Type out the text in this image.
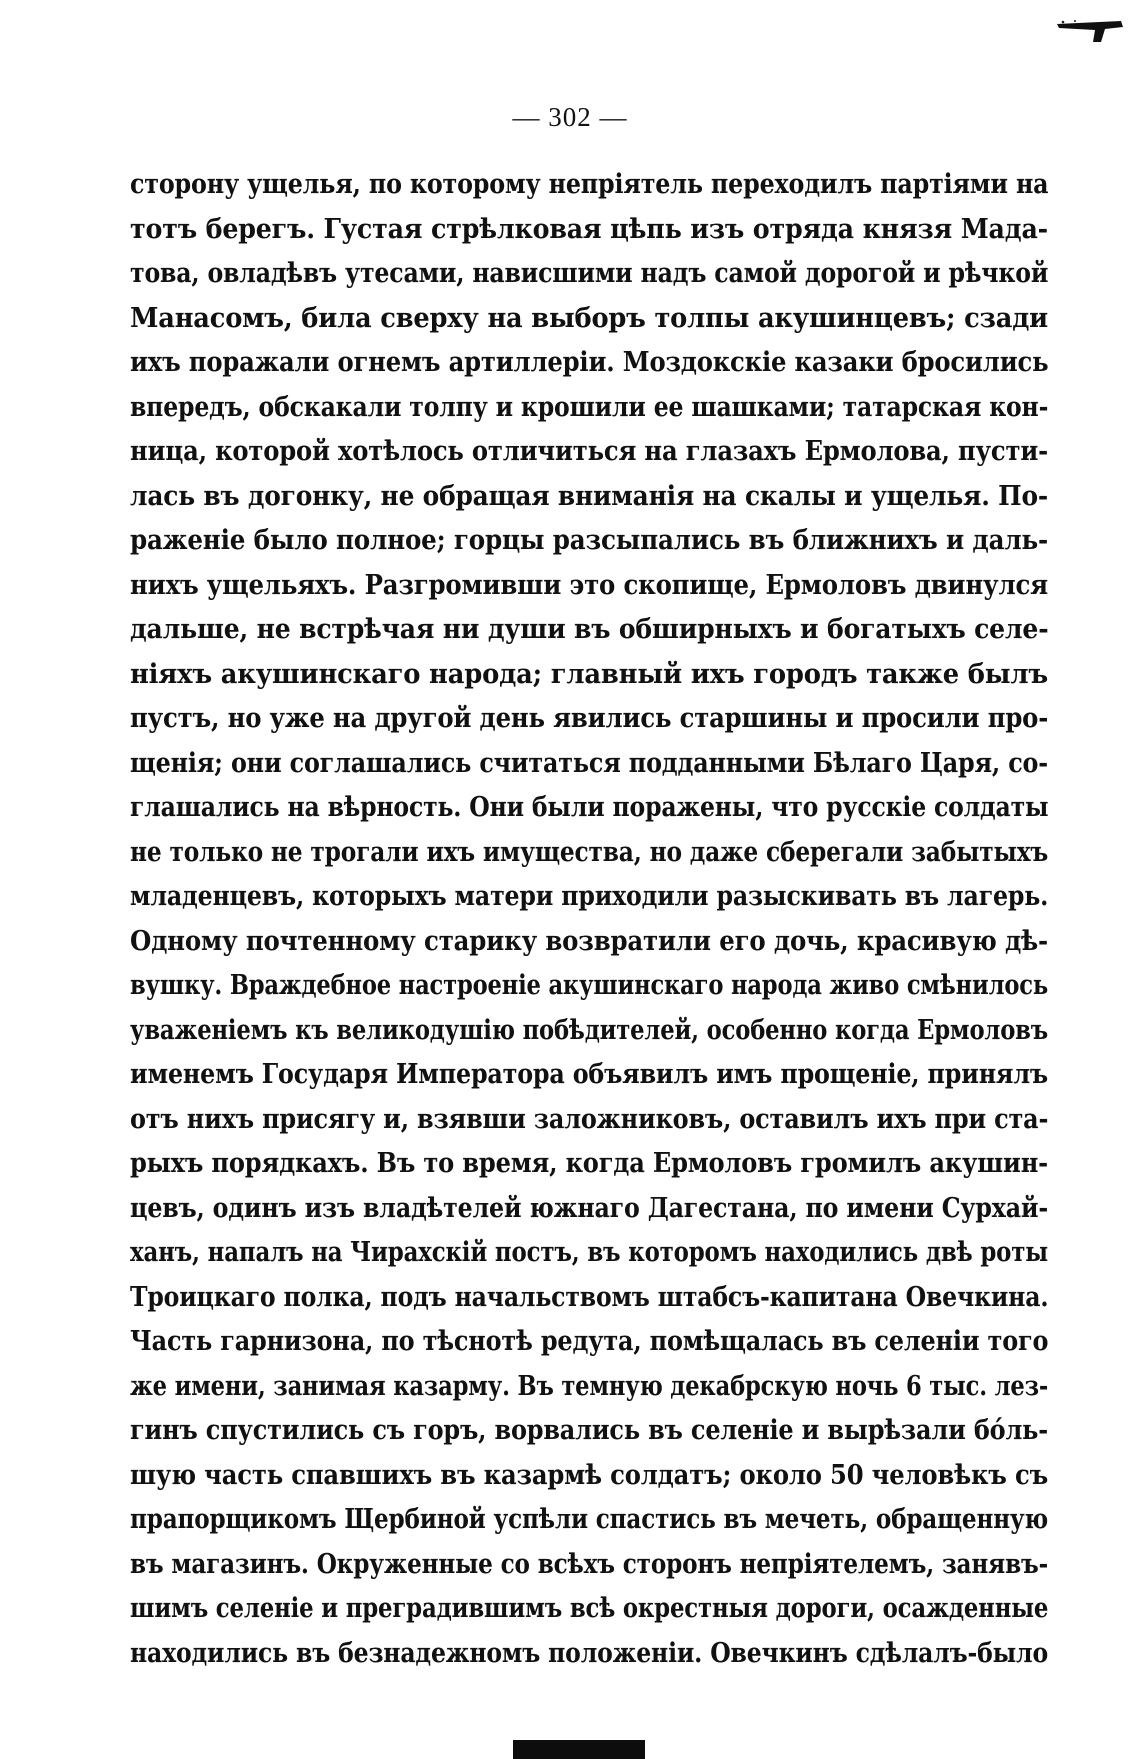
— 302 —
сторону ущелья, по которому непріятель переходилъ партіями на
тотъ берегъ. Густая стрѣлковая цѣпь изъ отряда князя Мада-
това, овладѣвъ утесами, нависшими надъ самой дорогой и рѣчкой
Манасомъ, била сверху на выборъ толпы акушинцевъ; сзади
ихъ поражали огнемъ артиллеріи. Моздокскіе казаки бросились
впередъ, обскакали толпу и крошили ее шашками; татарская кон-
ница, которой хотѣлось отличиться на глазахъ Ермолова, пусти-
лась въ догонку, не обращая вниманія на скалы и ущелья. По-
раженіе было полное; горцы разсыпались въ ближнихъ и даль-
нихъ ущельяхъ. Разгромивши это скопище, Ермоловъ двинулся
дальше, не встрѣчая ни души въ обширныхъ и богатыхъ селе-
ніяхъ акушинскаго народа; главный ихъ городъ также былъ
пустъ, но уже на другой день явились старшины и просили про-
щенія; они соглашались считаться подданными Бѣлаго Царя, со-
глашались на вѣрность. Они были поражены, что русскіе солдаты
не только не трогали ихъ имущества, но даже сберегали забытыхъ
младенцевъ, которыхъ матери приходили разыскивать въ лагерь.
Одному почтенному старику возвратили его дочь, красивую дѣ-
вушку. Враждебное настроеніе акушинскаго народа живо смѣнилось
уваженіемъ къ великодушію побѣдителей, особенно когда Ермоловъ
именемъ Государя Императора объявилъ имъ прощеніе, принялъ
отъ нихъ присягу и, взявши заложниковъ, оставилъ ихъ при ста-
рыхъ порядкахъ. Въ то время, когда Ермоловъ громилъ акушин-
цевъ, одинъ изъ владѣтелей южнаго Дагестана, по имени Сурхай-
ханъ, напалъ на Чирахскій постъ, въ которомъ находились двѣ роты
Троицкаго полка, подъ начальствомъ штабсъ-капитана Овечкина.
Часть гарнизона, по тѣснотѣ редута, помѣщалась въ селеніи того
же имени, занимая казарму. Въ темную декабрскую ночь 6 тыс. лез-
гинъ спустились съ горъ, ворвались въ селеніе и вырѣзали бóль-
шую часть спавшихъ въ казармѣ солдатъ; около 50 человѣкъ съ
прапорщикомъ Щербиной успѣли спастись въ мечеть, обращенную
въ магазинъ. Окруженные со всѣхъ сторонъ непріятелемъ, занявъ-
шимъ селеніе и преградившимъ всѣ окрестныя дороги, осажденные
находились въ безнадежномъ положеніи. Овечкинъ сдѣлалъ-было
